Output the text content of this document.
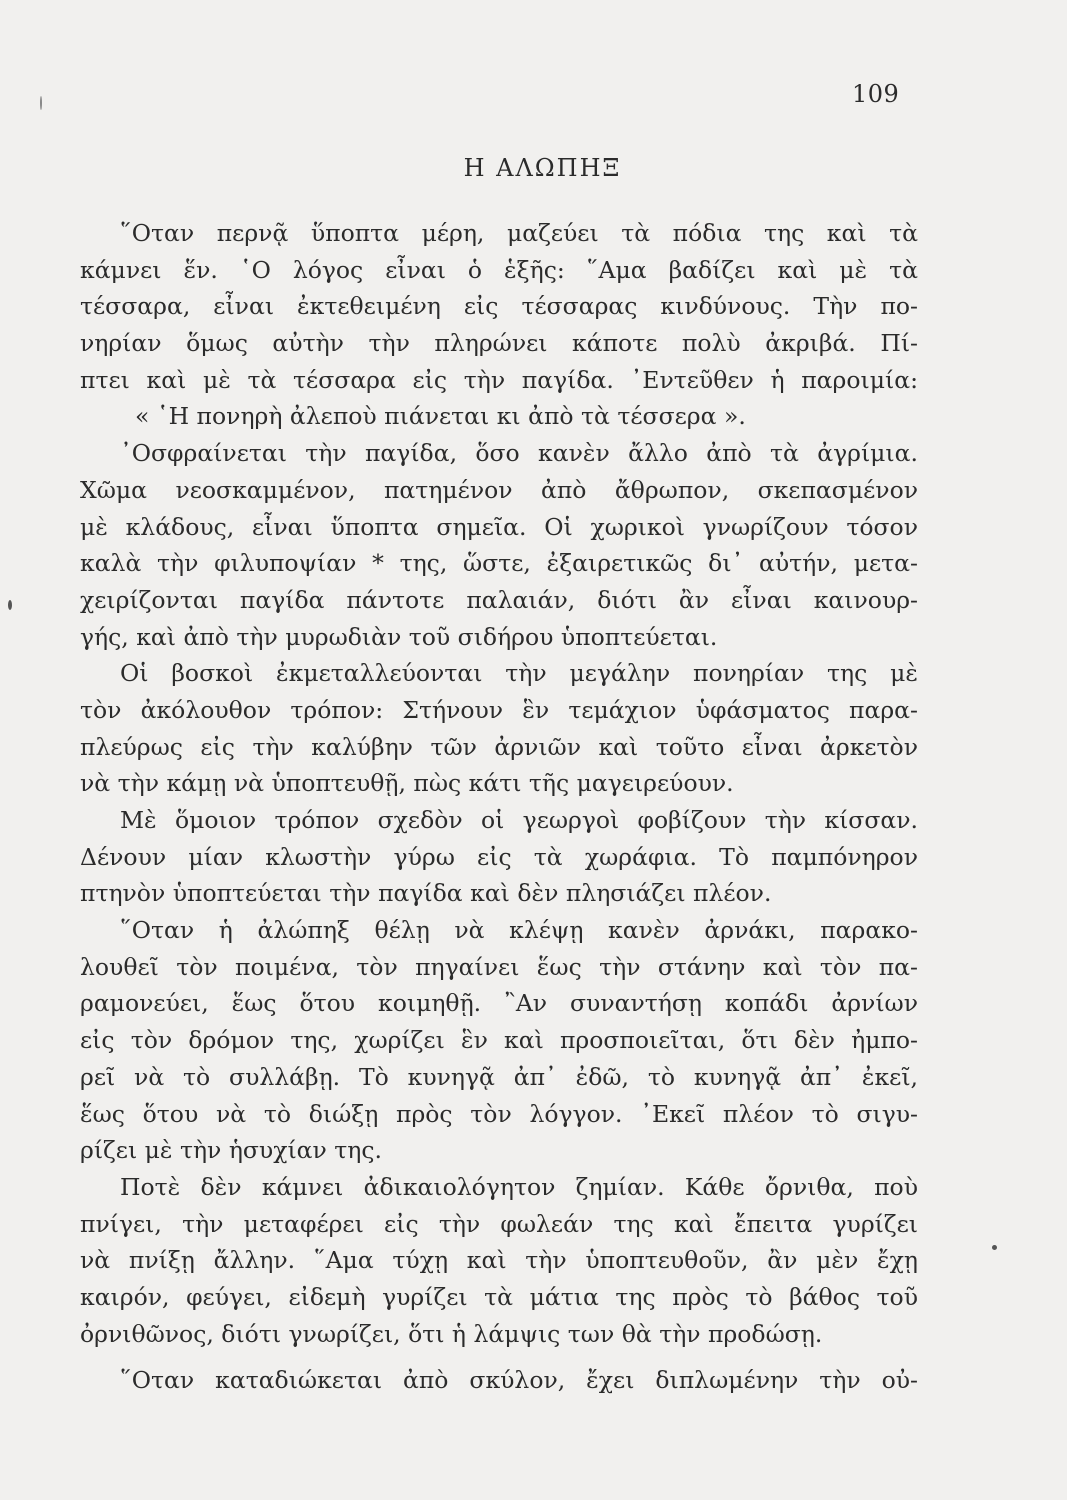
109
Η ΑΛΩΠΗΞ
῞Οταν περνᾷ ὕποπτα μέρη, μαζεύει τὰ πόδια της καὶ τὰ
κάμνει ἕν. ῾Ο λόγος εἶναι ὁ ἑξῆς: ῞Αμα βαδίζει καὶ μὲ τὰ
τέσσαρα, εἶναι ἐκτεθειμένη εἰς τέσσαρας κινδύνους. Τὴν πο-
νηρίαν ὅμως αὐτὴν τὴν πληρώνει κάποτε πολὺ ἀκριβά. Πί-
πτει καὶ μὲ τὰ τέσσαρα εἰς τὴν παγίδα. ᾽Εντεῦθεν ἡ παροιμία:
« ῾Η πονηρὴ ἀλεποὺ πιάνεται κι ἀπὸ τὰ τέσσερα ».
᾽Οσφραίνεται τὴν παγίδα, ὅσο κανὲν ἄλλο ἀπὸ τὰ ἀγρίμια.
Χῶμα νεοσκαμμένον, πατημένον ἀπὸ ἄθρωπον, σκεπασμένον
μὲ κλάδους, εἶναι ὕποπτα σημεῖα. Οἱ χωρικοὶ γνωρίζουν τόσον
καλὰ τὴν φιλυποψίαν * της, ὥστε, ἐξαιρετικῶς δι᾽ αὐτήν, μετα-
χειρίζονται παγίδα πάντοτε παλαιάν, διότι ἂν εἶναι καινουρ-
γής, καὶ ἀπὸ τὴν μυρωδιὰν τοῦ σιδήρου ὑποπτεύεται.
Οἱ βοσκοὶ ἐκμεταλλεύονται τὴν μεγάλην πονηρίαν της μὲ
τὸν ἀκόλουθον τρόπον: Στήνουν ἓν τεμάχιον ὑφάσματος παρα-
πλεύρως εἰς τὴν καλύβην τῶν ἀρνιῶν καὶ τοῦτο εἶναι ἀρκετὸν
νὰ τὴν κάμῃ νὰ ὑποπτευθῇ, πὼς κάτι τῆς μαγειρεύουν.
Μὲ ὅμοιον τρόπον σχεδὸν οἱ γεωργοὶ φοβίζουν τὴν κίσσαν.
Δένουν μίαν κλωστὴν γύρω εἰς τὰ χωράφια. Τὸ παμπόνηρον
πτηνὸν ὑποπτεύεται τὴν παγίδα καὶ δὲν πλησιάζει πλέον.
῞Οταν ἡ ἀλώπηξ θέλῃ νὰ κλέψῃ κανὲν ἀρνάκι, παρακο-
λουθεῖ τὸν ποιμένα, τὸν πηγαίνει ἕως τὴν στάνην καὶ τὸν πα-
ραμονεύει, ἕως ὅτου κοιμηθῇ. ῍Αν συναντήσῃ κοπάδι ἀρνίων
εἰς τὸν δρόμον της, χωρίζει ἓν καὶ προσποιεῖται, ὅτι δὲν ἠμπο-
ρεῖ νὰ τὸ συλλάβῃ. Τὸ κυνηγᾷ ἀπ᾽ ἐδῶ, τὸ κυνηγᾷ ἀπ᾽ ἐκεῖ,
ἕως ὅτου νὰ τὸ διώξῃ πρὸς τὸν λόγγον. ᾽Εκεῖ πλέον τὸ σιγυ-
ρίζει μὲ τὴν ἡσυχίαν της.
Ποτὲ δὲν κάμνει ἀδικαιολόγητον ζημίαν. Κάθε ὄρνιθα, ποὺ
πνίγει, τὴν μεταφέρει εἰς τὴν φωλεάν της καὶ ἔπειτα γυρίζει
νὰ πνίξῃ ἄλλην. ῞Αμα τύχῃ καὶ τὴν ὑποπτευθοῦν, ἂν μὲν ἔχῃ
καιρόν, φεύγει, εἰδεμὴ γυρίζει τὰ μάτια της πρὸς τὸ βάθος τοῦ
ὀρνιθῶνος, διότι γνωρίζει, ὅτι ἡ λάμψις των θὰ τὴν προδώσῃ.
῞Οταν καταδιώκεται ἀπὸ σκύλον, ἔχει διπλωμένην τὴν οὐ-
